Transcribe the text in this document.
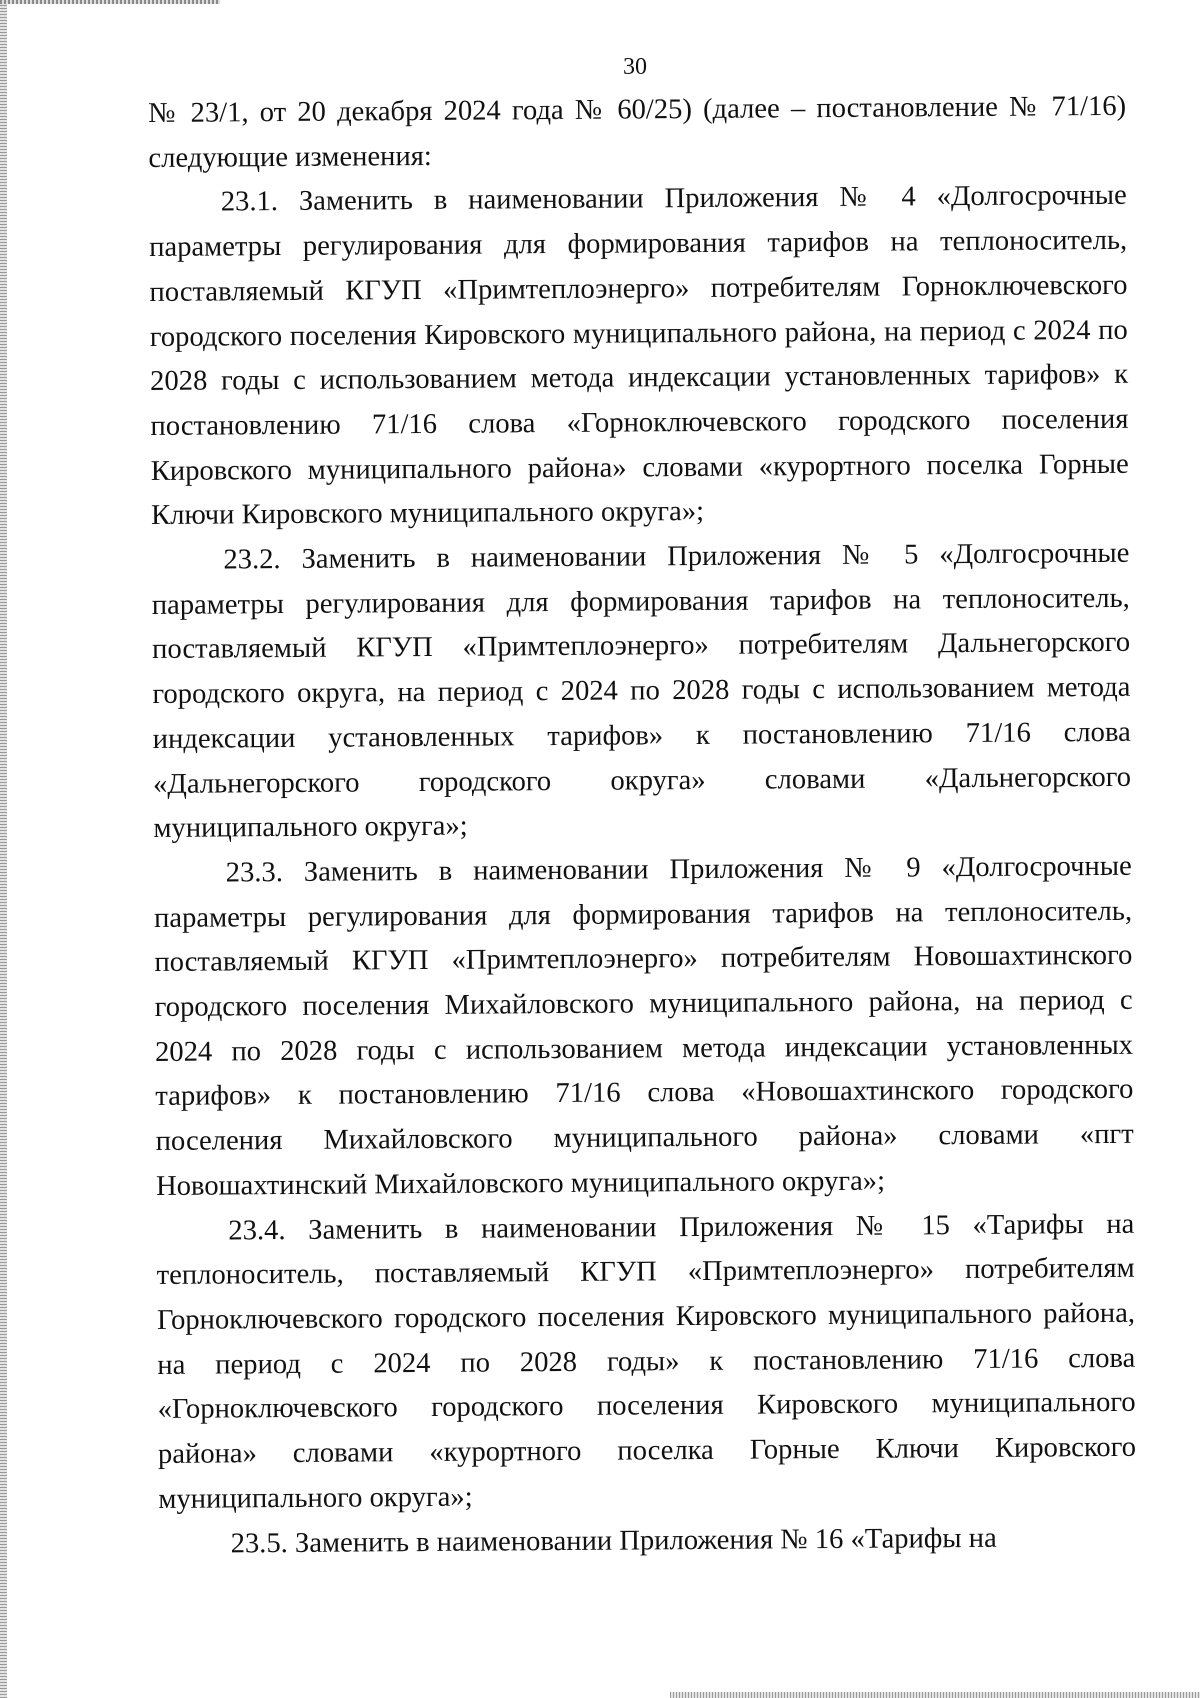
30

№ 23/1, от 20 декабря 2024 года № 60/25) (далее – постановление № 71/16) следующие изменения:

23.1. Заменить в наименовании Приложения № 4 «Долгосрочные параметры регулирования для формирования тарифов на теплоноситель, поставляемый КГУП «Примтеплоэнерго» потребителям Горноключевского городского поселения Кировского муниципального района, на период с 2024 по 2028 годы с использованием метода индексации установленных тарифов» к постановлению 71/16 слова «Горноключевского городского поселения Кировского муниципального района» словами «курортного поселка Горные Ключи Кировского муниципального округа»;

23.2. Заменить в наименовании Приложения № 5 «Долгосрочные параметры регулирования для формирования тарифов на теплоноситель, поставляемый КГУП «Примтеплоэнерго» потребителям Дальнегорского городского округа, на период с 2024 по 2028 годы с использованием метода индексации установленных тарифов» к постановлению 71/16 слова «Дальнегорского городского округа» словами «Дальнегорского муниципального округа»;

23.3. Заменить в наименовании Приложения № 9 «Долгосрочные параметры регулирования для формирования тарифов на теплоноситель, поставляемый КГУП «Примтеплоэнерго» потребителям Новошахтинского городского поселения Михайловского муниципального района, на период с 2024 по 2028 годы с использованием метода индексации установленных тарифов» к постановлению 71/16 слова «Новошахтинского городского поселения Михайловского муниципального района» словами «пгт Новошахтинский Михайловского муниципального округа»;

23.4. Заменить в наименовании Приложения № 15 «Тарифы на теплоноситель, поставляемый КГУП «Примтеплоэнерго» потребителям Горноключевского городского поселения Кировского муниципального района, на период с 2024 по 2028 годы» к постановлению 71/16 слова «Горноключевского городского поселения Кировского муниципального района» словами «курортного поселка Горные Ключи Кировского муниципального округа»;

23.5. Заменить в наименовании Приложения № 16 «Тарифы на
